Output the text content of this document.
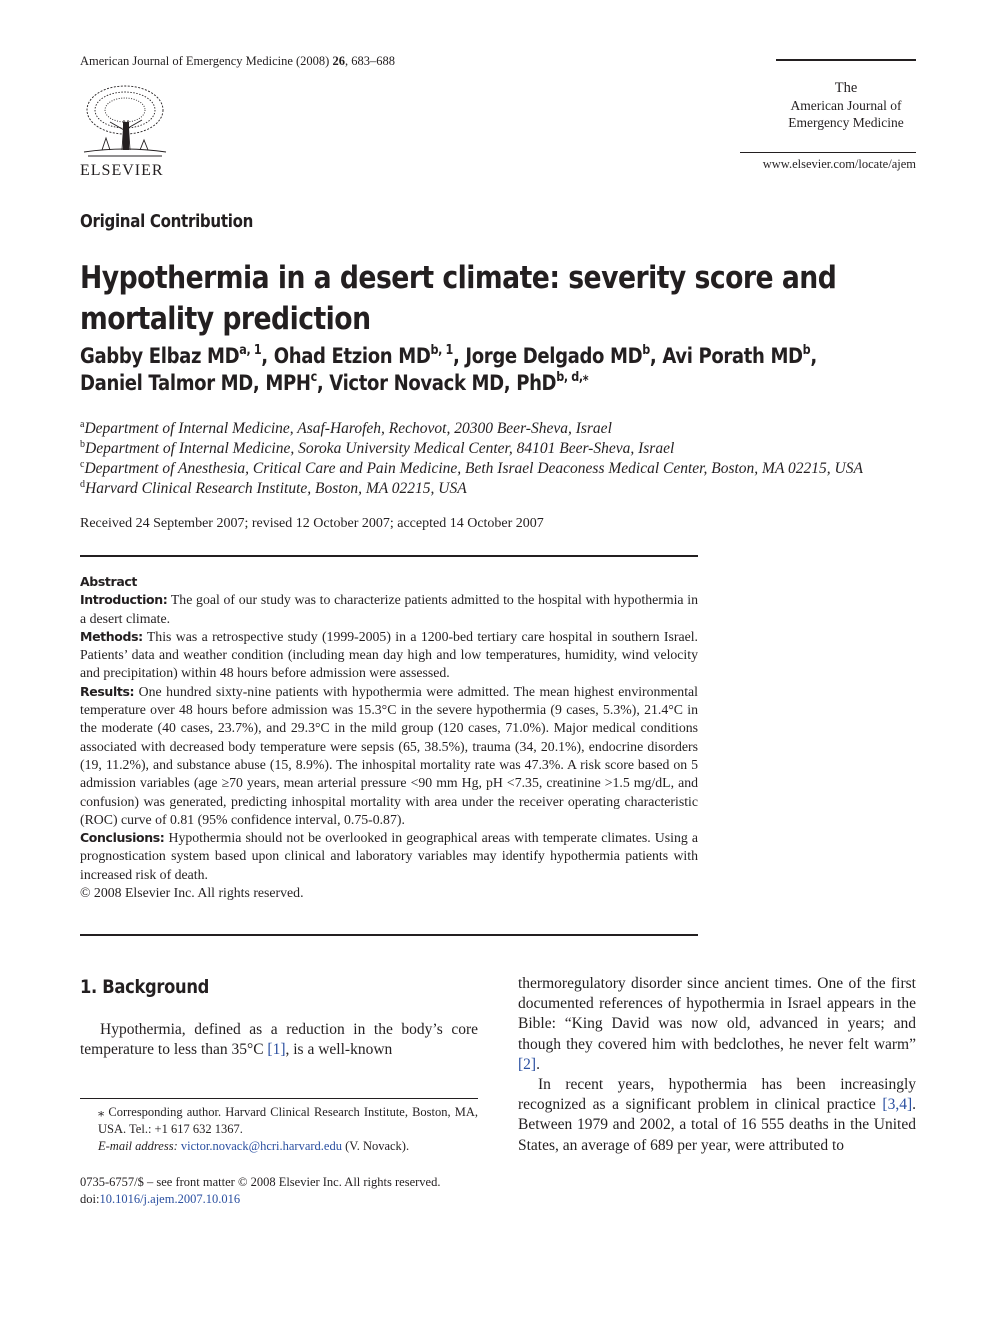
American Journal of Emergency Medicine (2008) 26, 683–688
ELSEVIER
The
American Journal of
Emergency Medicine
www.elsevier.com/locate/ajem
Original Contribution
Hypothermia in a desert climate: severity score and mortality prediction
Gabby Elbaz MD$^{a, 1}$, Ohad Etzion MD$^{b, 1}$, Jorge Delgado $MD^b$, Avi Porath $MD^b$,
Daniel Talmor MD, MPH$^c$, Victor Novack MD, PhD$^{b, d,⁎}$
$^a$Department of Internal Medicine, Asaf-Harofeh, Rechovot, 20300 Beer-Sheva, Israel
$^b$Department of Internal Medicine, Soroka University Medical Center, 84101 Beer-Sheva, Israel
$^c$Department of Anesthesia, Critical Care and Pain Medicine, Beth Israel Deaconess Medical Center, Boston, MA 02215, USA
$^d$Harvard Clinical Research Institute, Boston, MA 02215, USA
Received 24 September 2007; revised 12 October 2007; accepted 14 October 2007

Abstract

Introduction: The goal of our study was to characterize patients admitted to the hospital with hypothermia in a desert climate.

Methods: This was a retrospective study (1999-2005) in a 1200-bed tertiary care hospital in southern Israel. Patients’ data and weather condition (including mean day high and low temperatures, humidity, wind velocity and precipitation) within 48 hours before admission were assessed.

Results: One hundred sixty-nine patients with hypothermia were admitted. The mean highest environmental temperature over 48 hours before admission was 15.3°C in the severe hypothermia (9 cases, 5.3%), 21.4°C in the moderate (40 cases, 23.7%), and 29.3°C in the mild group (120 cases, 71.0%). Major medical conditions associated with decreased body temperature were sepsis (65, 38.5%), trauma (34, 20.1%), endocrine disorders (19, 11.2%), and substance abuse (15, 8.9%). The inhospital mortality rate was 47.3%. A risk score based on 5 admission variables (age ≥70 years, mean arterial pressure <90 mm Hg, pH <7.35, creatinine >1.5 mg/dL, and confusion) was generated, predicting inhospital mortality with area under the receiver operating characteristic (ROC) curve of 0.81 (95% confidence interval, 0.75-0.87).

Conclusions: Hypothermia should not be overlooked in geographical areas with temperate climates. Using a prognostication system based upon clinical and laboratory variables may identify hypothermia patients with increased risk of death.

© 2008 Elsevier Inc. All rights reserved.

1. Background
Hypothermia, defined as a reduction in the body’s core temperature to less than 35°C [1], is a well-known

thermoregulatory disorder since ancient times. One of the first documented references of hypothermia in Israel appears in the Bible: “King David was now old, advanced in years; and though they covered him with bedclothes, he never felt warm” [2].

In recent years, hypothermia has been increasingly recognized as a significant problem in clinical practice [3,4]. Between 1979 and 2002, a total of 16 555 deaths in the United States, an average of 689 per year, were attributed to

⁎ Corresponding author. Harvard Clinical Research Institute, Boston, MA, USA. Tel.: +1 617 632 1367.
E-mail address: victor.novack@hcri.harvard.edu (V. Novack).
0735-6757/$ – see front matter © 2008 Elsevier Inc. All rights reserved.
doi:10.1016/j.ajem.2007.10.016
